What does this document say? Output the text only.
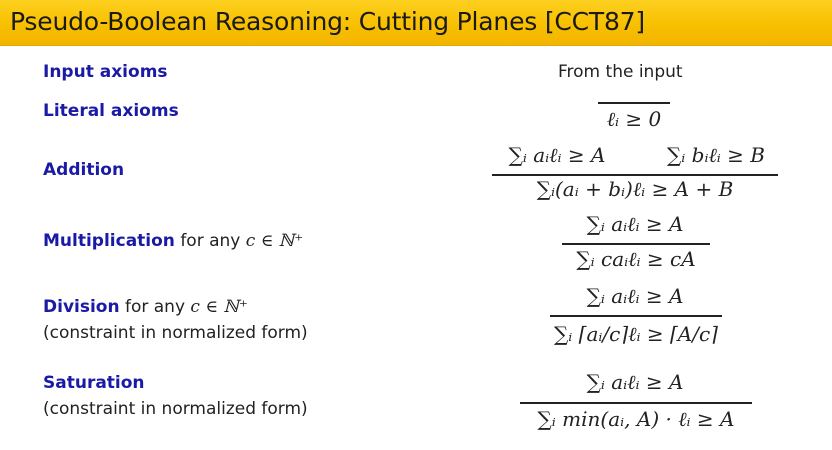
Pseudo-Boolean Reasoning: Cutting Planes [CCT87]
Input axioms	From the input
Literal axioms	ℓᵢ ≥ 0
Addition
∑ᵢ aᵢℓᵢ ≥ A	∑ᵢ bᵢℓᵢ ≥ B
∑ᵢ(aᵢ + bᵢ)ℓᵢ ≥ A + B
Multiplication for any c ∈ ℕ⁺
∑ᵢ aᵢℓᵢ ≥ A
∑ᵢ caᵢℓᵢ ≥ cA
Division for any c ∈ ℕ⁺
(constraint in normalized form)
∑ᵢ aᵢℓᵢ ≥ A
∑ᵢ ⌈aᵢ/c⌉ℓᵢ ≥ ⌈A/c⌉
Saturation
(constraint in normalized form)
∑ᵢ aᵢℓᵢ ≥ A
∑ᵢ min(aᵢ, A) · ℓᵢ ≥ A
